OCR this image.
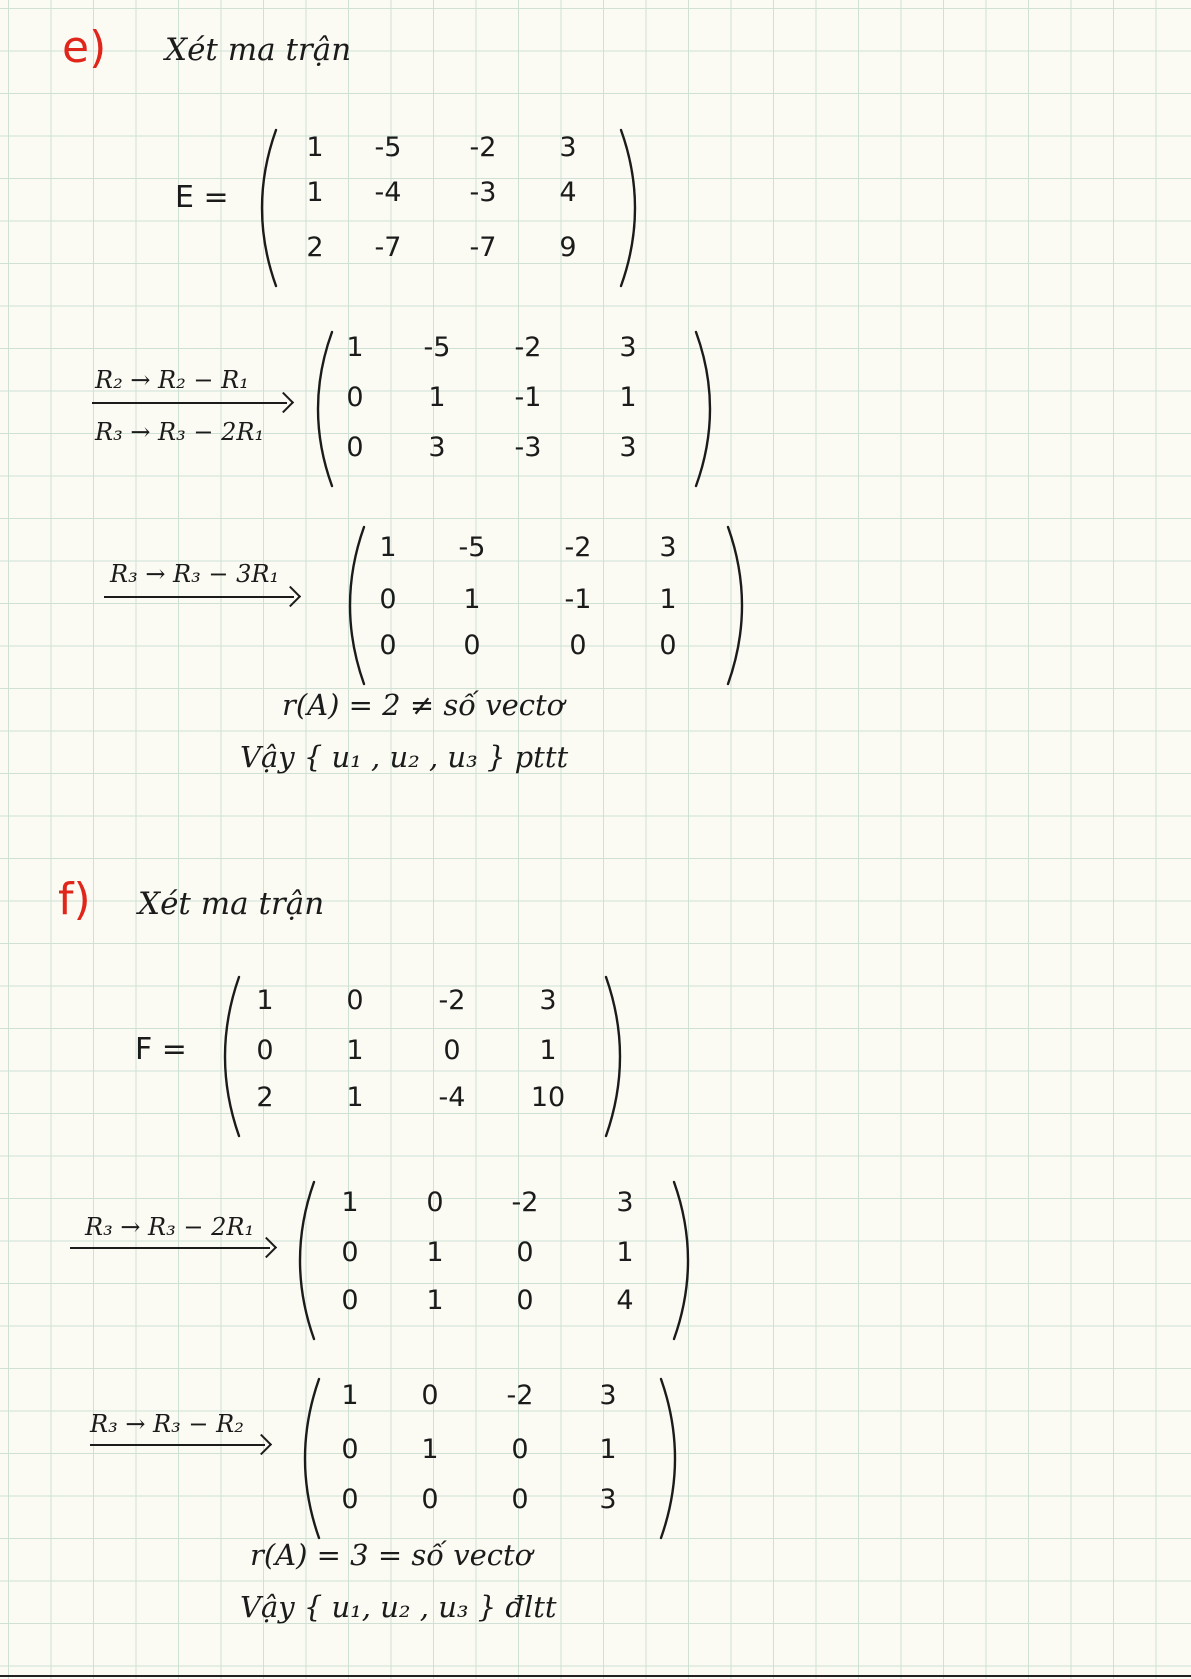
e) Xét ma trận
E =
1	-5	-2	3
1	-4	-3	4
2	-7	-7	9
R₂ → R₂ − R₁
R₃ → R₃ − 2R₁
1	-5	-2	3
0	1	-1	1
0	3	-3	3
R₃ → R₃ − 3R₁
1	-5	-2	3
0	1	-1	1
0	0	0	0
r(A) = 2 ≠ số vectơ
Vậy { u₁ , u₂ , u₃ } pttt
f) Xét ma trận
F =
1	0	-2	3
0	1	0	1
2	1	-4	10
R₃ → R₃ − 2R₁
1	0	-2	3
0	1	0	1
0	1	0	4
R₃ → R₃ − R₂
1	0	-2	3
0	1	0	1
0	0	0	3
r(A) = 3 = số vectơ
Vậy { u₁, u₂ , u₃ } đltt
